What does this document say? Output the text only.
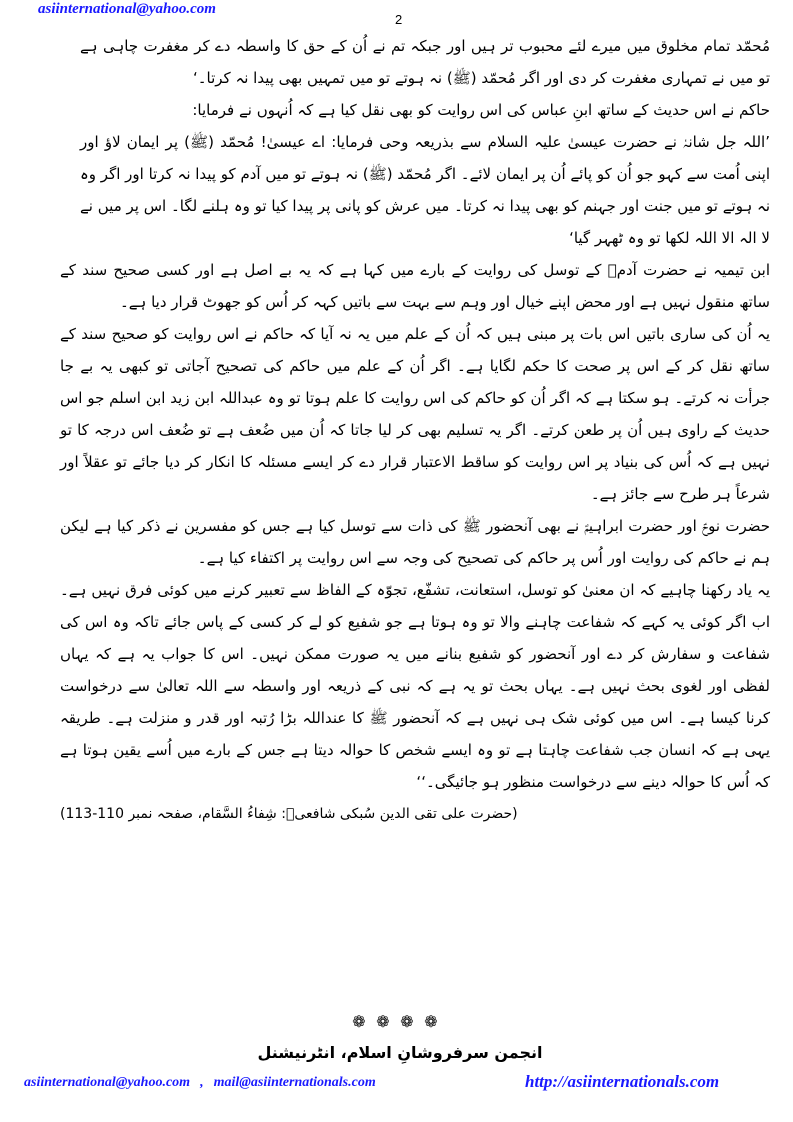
asiinternational@yahoo.com
2

مُحمّد تمام مخلوق میں میرے لئے محبوب تر ہیں اور جبکہ تم نے اُن کے حق کا واسطہ دے کر مغفرت چاہی ہے تو میں نے تمہاری مغفرت کر دی اور اگر مُحمّد (ﷺ) نہ ہوتے تو میں تمہیں بھی پیدا نہ کرتا۔‘

حاکم نے اس حدیث کے ساتھ ابنِ عباس کی اس روایت کو بھی نقل کیا ہے کہ اُنہوں نے فرمایا:

’اللہ جل شانہٗ نے حضرت عیسیٰ علیہ السلام سے بذریعہ وحی فرمایا: اے عیسیٰ! مُحمّد (ﷺ) پر ایمان لاؤ اور اپنی اُمت سے کہو جو اُن کو پائے اُن پر ایمان لائے۔ اگر مُحمّد (ﷺ) نہ ہوتے تو میں آدم کو پیدا نہ کرتا اور اگر وہ نہ ہوتے تو میں جنت اور جہنم کو بھی پیدا نہ کرتا۔ میں عرش کو پانی پر پیدا کیا تو وہ ہلنے لگا۔ اس پر میں نے لا الہ الا اللہ لکھا تو وہ ٹھہر گیا‘

ابن تیمیہ نے حضرت آدمؑ کے توسل کی روایت کے بارے میں کہا ہے کہ یہ بے اصل ہے اور کسی صحیح سند کے ساتھ منقول نہیں ہے اور محض اپنے خیال اور وہم سے بہت سے باتیں کہہ کر اُس کو جھوٹ قرار دیا ہے۔

یہ اُن کی ساری باتیں اس بات پر مبنی ہیں کہ اُن کے علم میں یہ نہ آیا کہ حاکم نے اس روایت کو صحیح سند کے ساتھ نقل کر کے اس پر صحت کا حکم لگایا ہے۔ اگر اُن کے علم میں حاکم کی تصحیح آجاتی تو کبھی یہ بے جا جرأت نہ کرتے۔ ہو سکتا ہے کہ اگر اُن کو حاکم کی اس روایت کا علم ہوتا تو وہ عبداللہ ابن زید ابن اسلم جو اس حدیث کے راوی ہیں اُن پر طعن کرتے۔ اگر یہ تسلیم بھی کر لیا جاتا کہ اُن میں ضُعف ہے تو ضُعف اس درجہ کا تو نہیں ہے کہ اُس کی بنیاد پر اس روایت کو ساقط الاعتبار قرار دے کر ایسے مسئلہ کا انکار کر دیا جائے تو عقلاً اور شرعاً ہر طرح سے جائز ہے۔

حضرت نوحؑ اور حضرت ابراہیمؑ نے بھی آنحضور ﷺ کی ذات سے توسل کیا ہے جس کو مفسرین نے ذکر کیا ہے لیکن ہم نے حاکم کی روایت اور اُس پر حاکم کی تصحیح کی وجہ سے اس روایت پر اکتفاء کیا ہے۔

یہ یاد رکھنا چاہیے کہ ان معنیٰ کو توسل، استعانت، تشفّع، تجوّہ کے الفاظ سے تعبیر کرنے میں کوئی فرق نہیں ہے۔ اب اگر کوئی یہ کہے کہ شفاعت چاہنے والا تو وہ ہوتا ہے جو شفیع کو لے کر کسی کے پاس جائے تاکہ وہ اس کی شفاعت و سفارش کر دے اور آنحضور کو شفیع بنانے میں یہ صورت ممکن نہیں۔ اس کا جواب یہ ہے کہ یہاں لفظی اور لغوی بحث نہیں ہے۔ یہاں بحث تو یہ ہے کہ نبی کے ذریعہ اور واسطہ سے اللہ تعالیٰ سے درخواست کرنا کیسا ہے۔ اس میں کوئی شک ہی نہیں ہے کہ آنحضور ﷺ کا عنداللہ بڑا رُتبہ اور قدر و منزلت ہے۔ طریقہ یہی ہے کہ انسان جب شفاعت چاہتا ہے تو وہ ایسے شخص کا حوالہ دیتا ہے جس کے بارے میں اُسے یقین ہوتا ہے کہ اُس کا حوالہ دینے سے درخواست منظور ہو جائیگی۔‘‘

(حضرت علی تقی الدین سُبکی شافعیؒ: شِفاءُ السَّقام، صفحہ نمبر 110-113)
❁ ❁ ❁ ❁
انجمن سرفروشانِ اسلام، انٹرنیشنل
asiinternational@yahoo.com , mail@asiinternationals.com	http://asiinternationals.com
